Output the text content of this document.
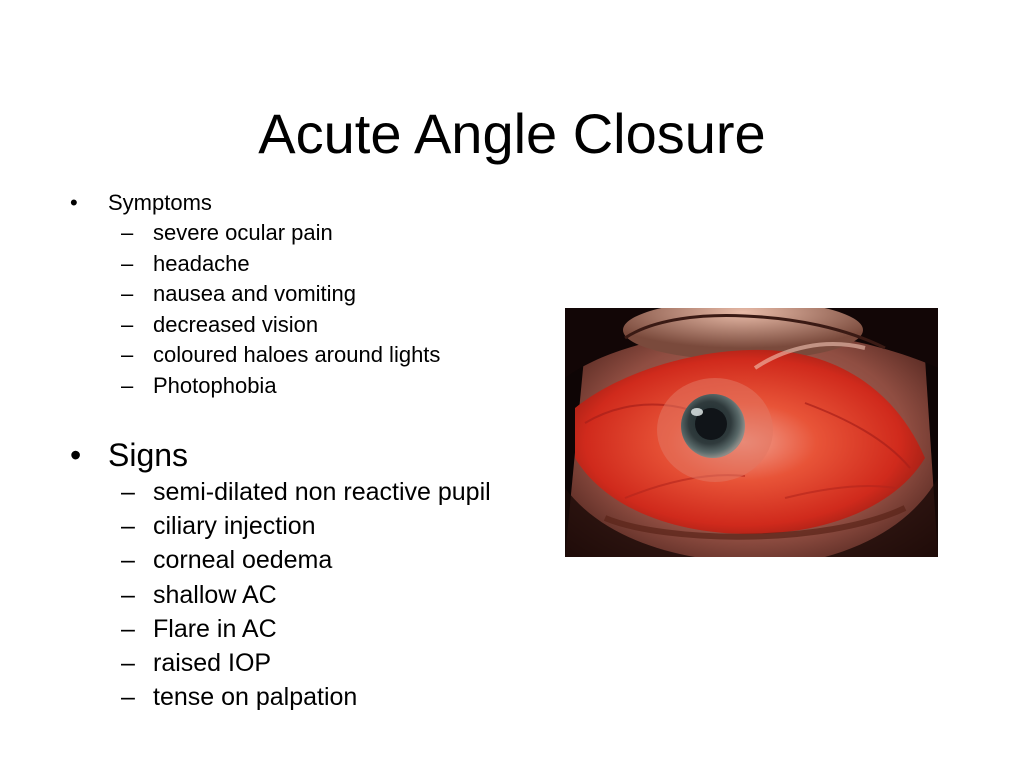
Acute Angle Closure
• Symptoms
– severe ocular pain
– headache
– nausea and vomiting
– decreased vision
– coloured haloes around lights
– Photophobia
• Signs
– semi-dilated non reactive pupil
– ciliary injection
– corneal oedema
– shallow AC
– Flare in AC
– raised IOP
– tense on palpation
